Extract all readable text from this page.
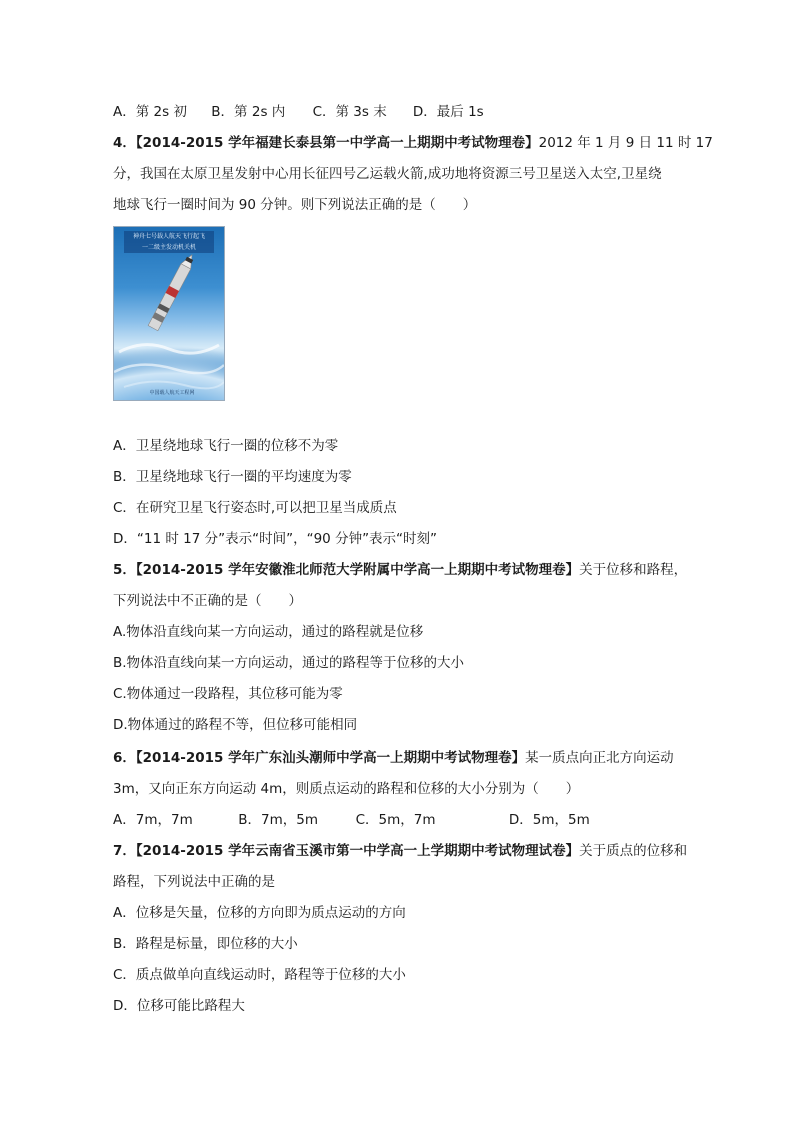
A．第 2s 初 B．第 2s 内 C．第 3s 末 D．最后 1s
4．【2014-2015 学年福建长泰县第一中学高一上期期中考试物理卷】2012 年 1 月 9 日 11 时 17
分，我国在太原卫星发射中心用长征四号乙运载火箭,成功地将资源三号卫星送入太空,卫星绕
地球飞行一圈时间为 90 分钟。则下列说法正确的是（　　）
神舟七号载人航天飞行起飞
一二级主发动机关机
中国载人航天工程网
A．卫星绕地球飞行一圈的位移不为零
B．卫星绕地球飞行一圈的平均速度为零
C．在研究卫星飞行姿态时,可以把卫星当成质点
D．“11 时 17 分”表示“时间”，“90 分钟”表示“时刻”
5．【2014-2015 学年安徽淮北师范大学附属中学高一上期期中考试物理卷】关于位移和路程，
下列说法中不正确的是（　　）
A.物体沿直线向某一方向运动，通过的路程就是位移
B.物体沿直线向某一方向运动，通过的路程等于位移的大小
C.物体通过一段路程，其位移可能为零
D.物体通过的路程不等，但位移可能相同
6．【2014-2015 学年广东汕头潮师中学高一上期期中考试物理卷】某一质点向正北方向运动
3m，又向正东方向运动 4m，则质点运动的路程和位移的大小分别为（　　）
A．7m，7m	B．7m，5m	C．5m，7m	D．5m，5m
7．【2014-2015 学年云南省玉溪市第一中学高一上学期期中考试物理试卷】关于质点的位移和
路程，下列说法中正确的是
A．位移是矢量，位移的方向即为质点运动的方向
B．路程是标量，即位移的大小
C．质点做单向直线运动时，路程等于位移的大小
D．位移可能比路程大
